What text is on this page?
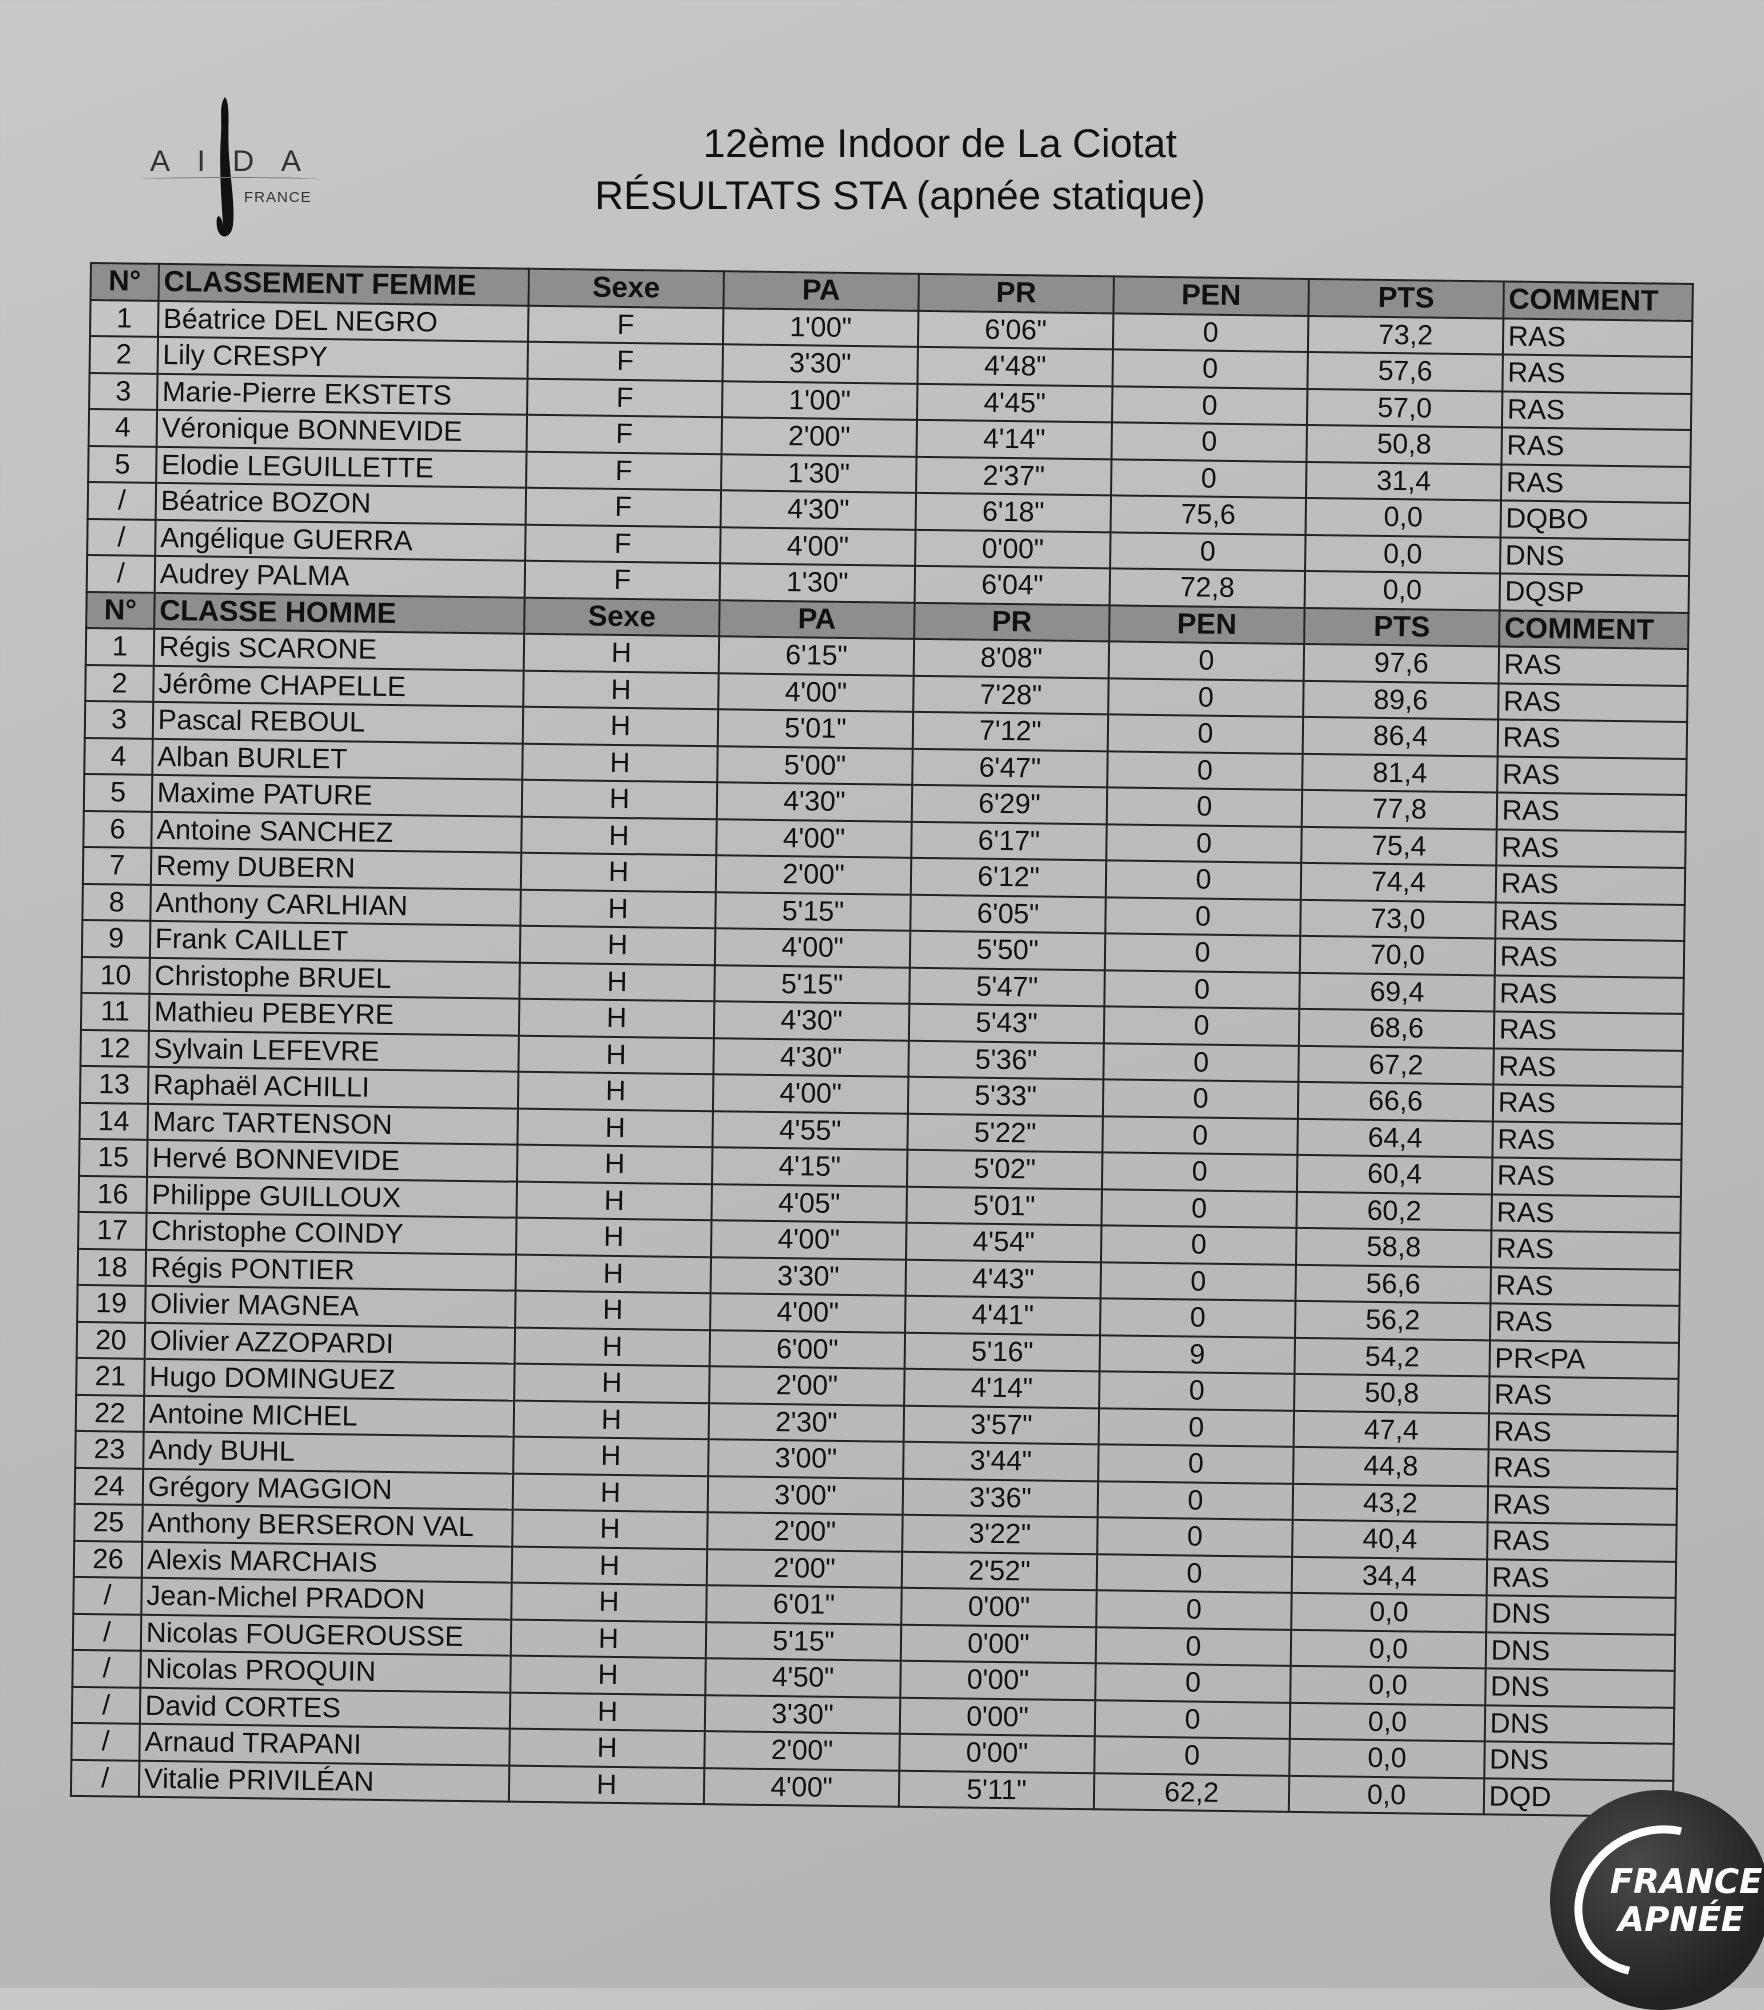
AIDA
FRANCE
12ème Indoor de La Ciotat
RÉSULTATS STA (apnée statique)
N°	CLASSEMENT FEMME	Sexe	PA	PR	PEN	PTS	COMMENT
1	Béatrice DEL NEGRO	F	1'00"	6'06"	0	73,2	RAS
2	Lily CRESPY	F	3'30"	4'48"	0	57,6	RAS
3	Marie-Pierre EKSTETS	F	1'00"	4'45"	0	57,0	RAS
4	Véronique BONNEVIDE	F	2'00"	4'14"	0	50,8	RAS
5	Elodie LEGUILLETTE	F	1'30"	2'37"	0	31,4	RAS
/	Béatrice BOZON	F	4'30"	6'18"	75,6	0,0	DQBO
/	Angélique GUERRA	F	4'00"	0'00"	0	0,0	DNS
/	Audrey PALMA	F	1'30"	6'04"	72,8	0,0	DQSP
N°	CLASSE HOMME	Sexe	PA	PR	PEN	PTS	COMMENT
1	Régis SCARONE	H	6'15"	8'08"	0	97,6	RAS
2	Jérôme CHAPELLE	H	4'00"	7'28"	0	89,6	RAS
3	Pascal REBOUL	H	5'01"	7'12"	0	86,4	RAS
4	Alban BURLET	H	5'00"	6'47"	0	81,4	RAS
5	Maxime PATURE	H	4'30"	6'29"	0	77,8	RAS
6	Antoine SANCHEZ	H	4'00"	6'17"	0	75,4	RAS
7	Remy DUBERN	H	2'00"	6'12"	0	74,4	RAS
8	Anthony CARLHIAN	H	5'15"	6'05"	0	73,0	RAS
9	Frank CAILLET	H	4'00"	5'50"	0	70,0	RAS
10	Christophe BRUEL	H	5'15"	5'47"	0	69,4	RAS
11	Mathieu PEBEYRE	H	4'30"	5'43"	0	68,6	RAS
12	Sylvain LEFEVRE	H	4'30"	5'36"	0	67,2	RAS
13	Raphaël ACHILLI	H	4'00"	5'33"	0	66,6	RAS
14	Marc TARTENSON	H	4'55"	5'22"	0	64,4	RAS
15	Hervé BONNEVIDE	H	4'15"	5'02"	0	60,4	RAS
16	Philippe GUILLOUX	H	4'05"	5'01"	0	60,2	RAS
17	Christophe COINDY	H	4'00"	4'54"	0	58,8	RAS
18	Régis PONTIER	H	3'30"	4'43"	0	56,6	RAS
19	Olivier MAGNEA	H	4'00"	4'41"	0	56,2	RAS
20	Olivier AZZOPARDI	H	6'00"	5'16"	9	54,2	PR<PA
21	Hugo DOMINGUEZ	H	2'00"	4'14"	0	50,8	RAS
22	Antoine MICHEL	H	2'30"	3'57"	0	47,4	RAS
23	Andy BUHL	H	3'00"	3'44"	0	44,8	RAS
24	Grégory MAGGION	H	3'00"	3'36"	0	43,2	RAS
25	Anthony BERSERON VAL	H	2'00"	3'22"	0	40,4	RAS
26	Alexis MARCHAIS	H	2'00"	2'52"	0	34,4	RAS
/	Jean-Michel PRADON	H	6'01"	0'00"	0	0,0	DNS
/	Nicolas FOUGEROUSSE	H	5'15"	0'00"	0	0,0	DNS
/	Nicolas PROQUIN	H	4'50"	0'00"	0	0,0	DNS
/	David CORTES	H	3'30"	0'00"	0	0,0	DNS
/	Arnaud TRAPANI	H	2'00"	0'00"	0	0,0	DNS
/	Vitalie PRIVILÉAN	H	4'00"	5'11"	62,2	0,0	DQD
FRANCE
APNÉE
